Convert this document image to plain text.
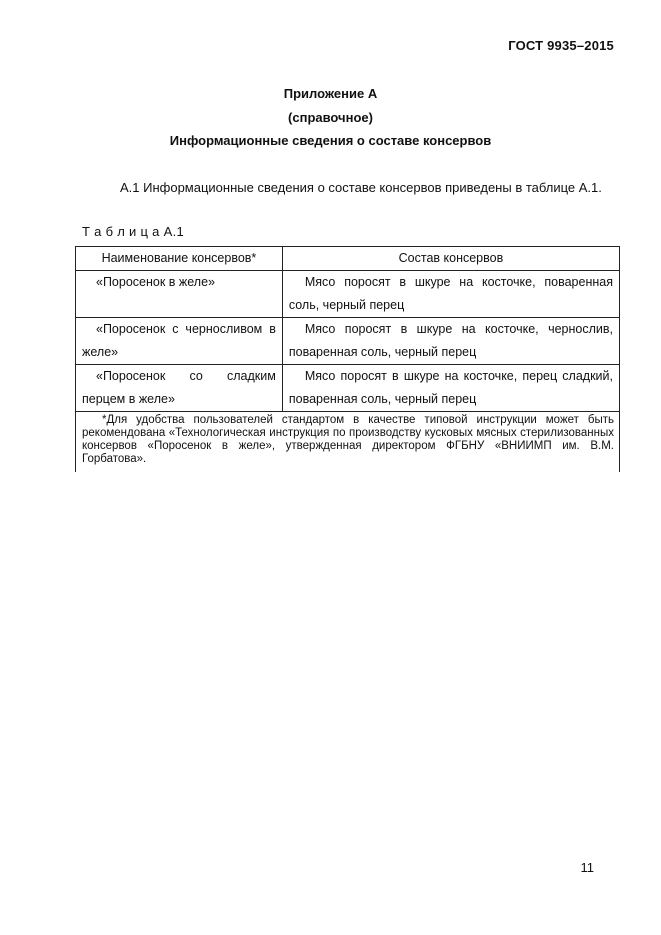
ГОСТ 9935–2015
Приложение А
(справочное)
Информационные сведения о составе консервов
А.1 Информационные сведения о составе консервов приведены в таблице А.1.
Т а б л и ц а А.1
Наименование консервов*	Состав консервов
«Поросенок в желе»	Мясо поросят в шкуре на косточке, поваренная соль, черный перец
«Поросенок с черносливом в желе»	Мясо поросят в шкуре на косточке, чернослив, поваренная соль, черный перец
«Поросенок со сладким перцем в желе»	Мясо поросят в шкуре на косточке, перец сладкий, поваренная соль, черный перец

*Для удобства пользователей стандартом в качестве типовой инструкции может быть рекомендована «Технологическая инструкция по производству кусковых мясных стерилизованных консервов «Поросенок в желе», утвержденная директором ФГБНУ «ВНИИМП им. В.М. Горбатова».	
11
